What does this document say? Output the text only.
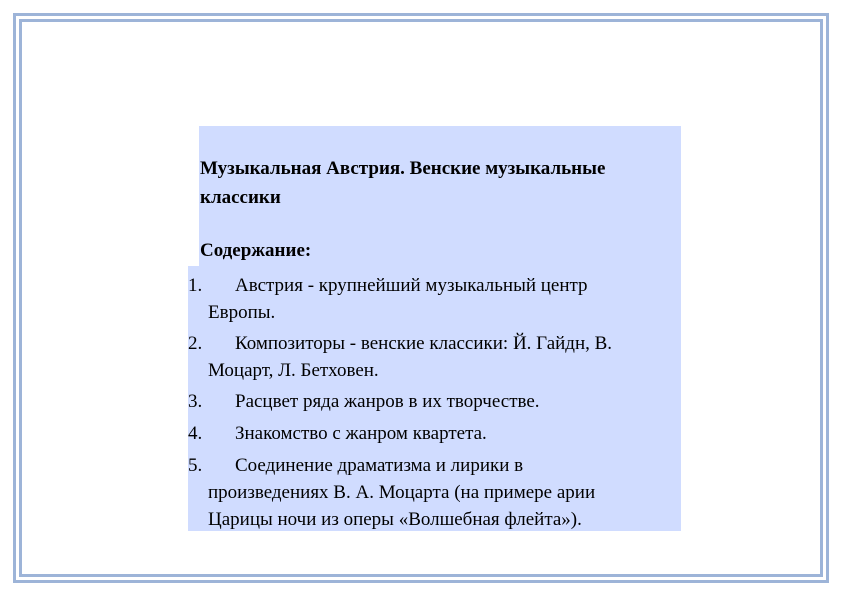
Музыкальная Австрия. Венские музыкальные классики
Содержание:
1.	Австрия - крупнейший музыкальный центр
Европы.
2.	Композиторы - венские классики: Й. Гайдн, В.
Моцарт, Л. Бетховен.
3.	Расцвет ряда жанров в их творчестве.
4.	Знакомство с жанром квартета.
5.	Соединение драматизма и лирики в
произведениях В. А. Моцарта (на примере арии
Царицы ночи из оперы «Волшебная флейта»).
